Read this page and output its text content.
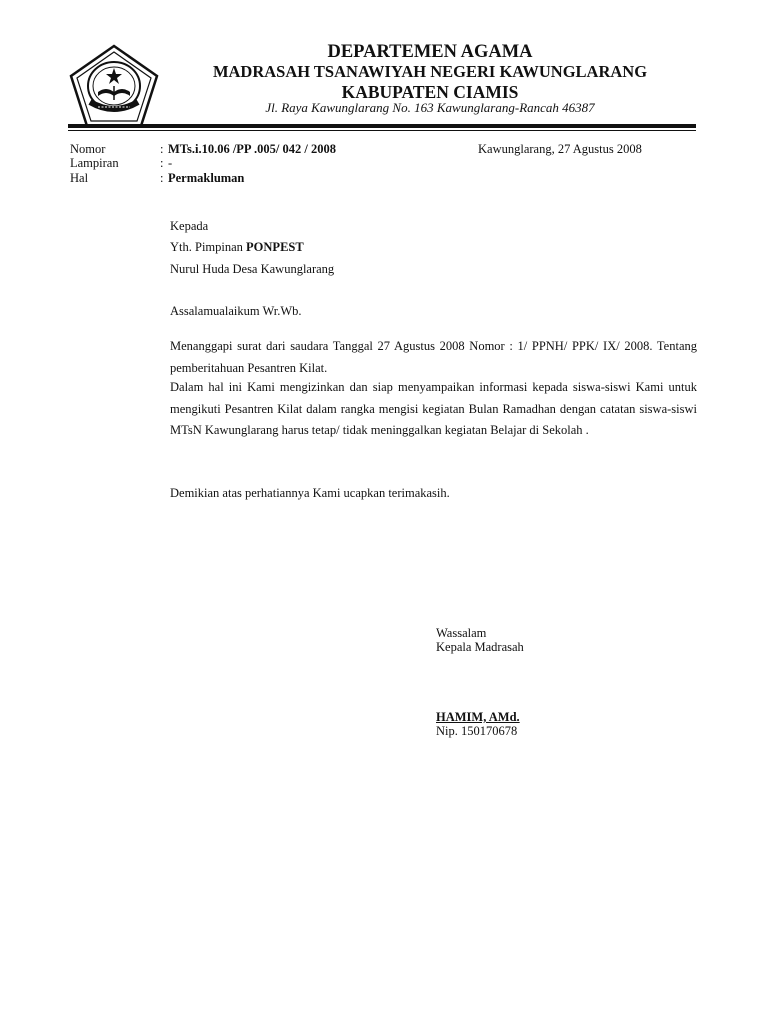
DEPARTEMEN AGAMA
MADRASAH TSANAWIYAH NEGERI KAWUNGLARANG
KABUPATEN CIAMIS
Jl. Raya Kawunglarang No. 163 Kawunglarang-Rancah 46387
Nomor	: MTs.i.10.06 /PP .005/ 042 / 2008	Kawunglarang, 27 Agustus 2008
Lampiran	: -
Hal	: Permakluman
Kepada
Yth. Pimpinan PONPEST
Nurul Huda Desa Kawunglarang
Assalamualaikum Wr.Wb.
Menanggapi surat dari saudara Tanggal 27 Agustus 2008 Nomor : 1/ PPNH/ PPK/ IX/ 2008. Tentang pemberitahuan Pesantren Kilat.
Dalam hal ini Kami mengizinkan dan siap menyampaikan informasi kepada siswa-siswi Kami untuk mengikuti Pesantren Kilat dalam rangka mengisi kegiatan Bulan Ramadhan dengan catatan siswa-siswi MTsN Kawunglarang harus tetap/ tidak meninggalkan kegiatan Belajar di Sekolah .
Demikian atas perhatiannya Kami ucapkan terimakasih.
Wassalam
Kepala Madrasah
HAMIM, AMd.
Nip. 150170678
